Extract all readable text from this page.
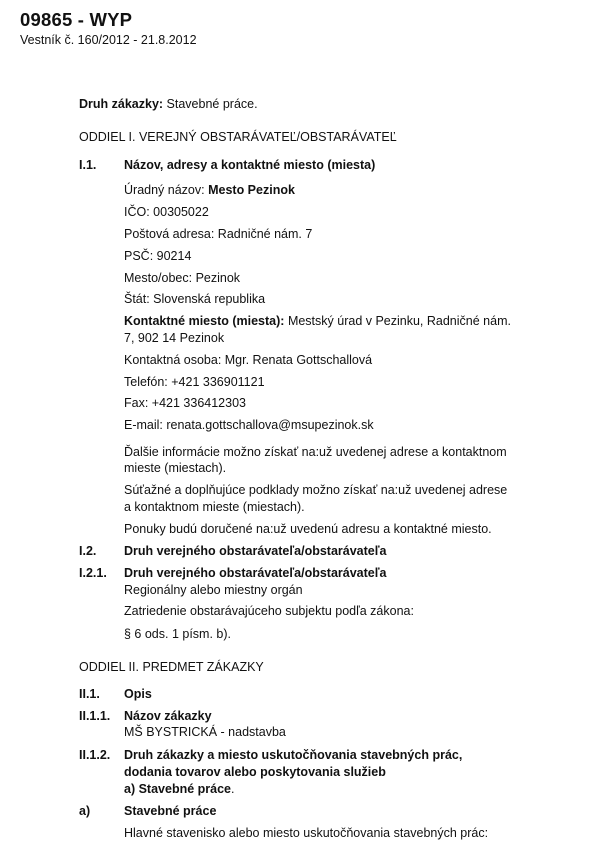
09865 - WYP
Vestník č. 160/2012 - 21.8.2012
Druh zákazky: Stavebné práce.
ODDIEL I. VEREJNÝ OBSTARÁVATEĽ/OBSTARÁVATEĽ
I.1. Názov, adresy a kontaktné miesto (miesta)
Úradný názov: Mesto Pezinok
IČO: 00305022
Poštová adresa: Radničné nám. 7
PSČ: 90214
Mesto/obec: Pezinok
Štát: Slovenská republika
Kontaktné miesto (miesta): Mestský úrad v Pezinku, Radničné nám.
7, 902 14 Pezinok
Kontaktná osoba: Mgr. Renata Gottschallová
Telefón: +421 336901121
Fax: +421 336412303
E-mail: renata.gottschallova@msupezinok.sk
Ďalšie informácie možno získať na:už uvedenej adrese a kontaktnom
mieste (miestach).
Súťažné a doplňujúce podklady možno získať na:už uvedenej adrese
a kontaktnom mieste (miestach).
Ponuky budú doručené na:už uvedenú adresu a kontaktné miesto.
I.2. Druh verejného obstarávateľa/obstarávateľa
I.2.1. Druh verejného obstarávateľa/obstarávateľa
Regionálny alebo miestny orgán
Zatriedenie obstarávajúceho subjektu podľa zákona:
§ 6 ods. 1 písm. b).
ODDIEL II. PREDMET ZÁKAZKY
II.1. Opis
II.1.1. Názov zákazky
MŠ BYSTRICKÁ - nadstavba
II.1.2. Druh zákazky a miesto uskutočňovania stavebných prác,
dodania tovarov alebo poskytovania služieb
a) Stavebné práce.
a)	Stavebné práce
Hlavné stavenisko alebo miesto uskutočňovania stavebných prác:
